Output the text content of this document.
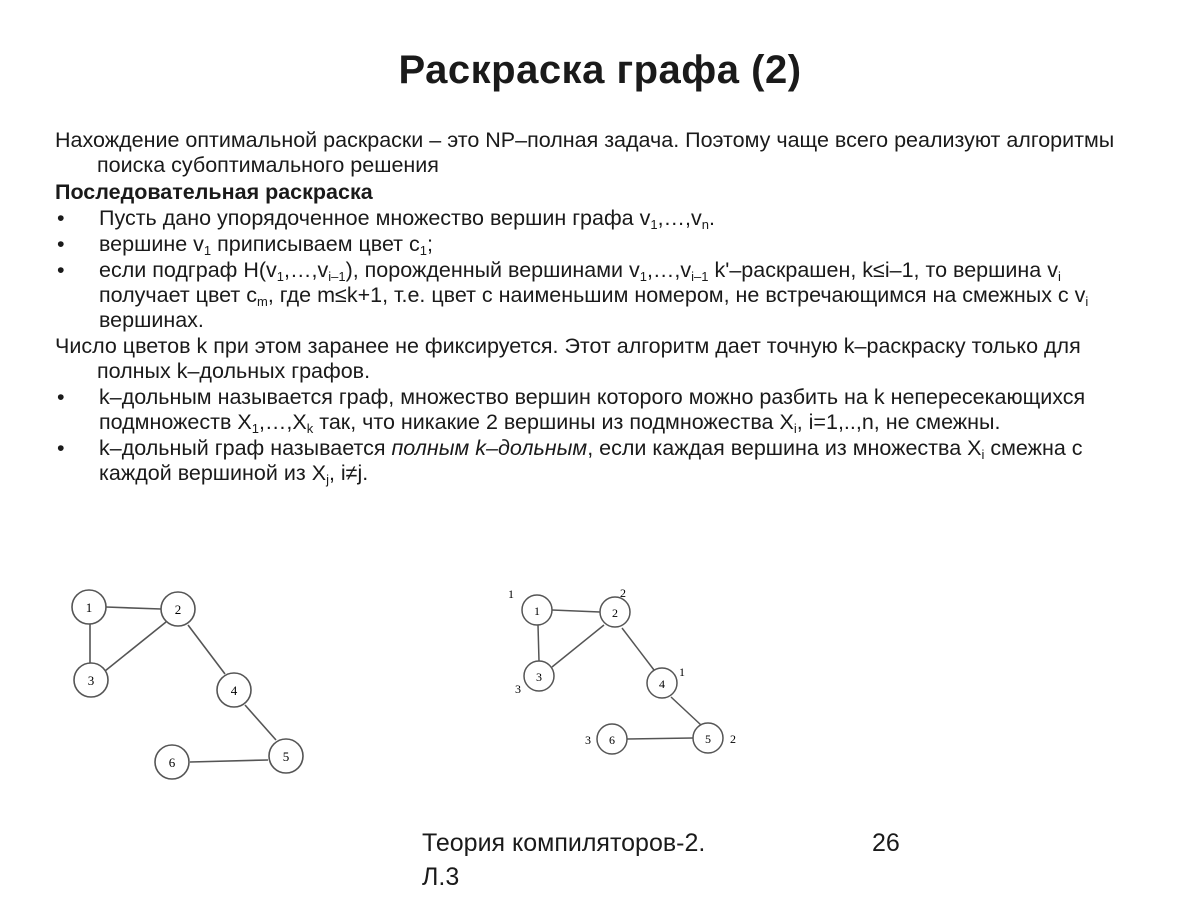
Раскраска графа (2)

Нахождение оптимальной раскраски – это NP–полная задача. Поэтому чаще всего реализуют алгоритмы поиска субоптимального решения

Последовательная раскраска

• Пусть дано упорядоченное множество вершин графа $v_1,\dots,v_n$.
• вершине $v_1$ приписываем цвет $c_1$;
• если подграф $H(v_1,\dots,v_{i-1})$, порожденный вершинами $v_1,\dots,v_{i-1}$ k'–раскрашен, k≤i–1, то вершина $v_i$ получает цвет $c_m$, где m≤k+1, т.е. цвет с наименьшим номером, не встречающимся на смежных с $v_i$ вершинах.

Число цветов k при этом заранее не фиксируется. Этот алгоритм дает точную k–раскраску только для полных k–дольных графов.

• k–дольным называется граф, множество вершин которого можно разбить на k непересекающихся подмножеств $X_1,\dots,X_k$ так, что никакие 2 вершины из подмножества $X_i$, i=1,..,n, не смежны.
• k–дольный граф называется полным k–дольным, если каждая вершина из множества $X_i$ смежна с каждой вершиной из $X_j$, i≠j.
1	2
3
4
5
6
1
1
2
2
3
3	4
1
5 2
6
3
Теория компиляторов-2.
Л.3
26
